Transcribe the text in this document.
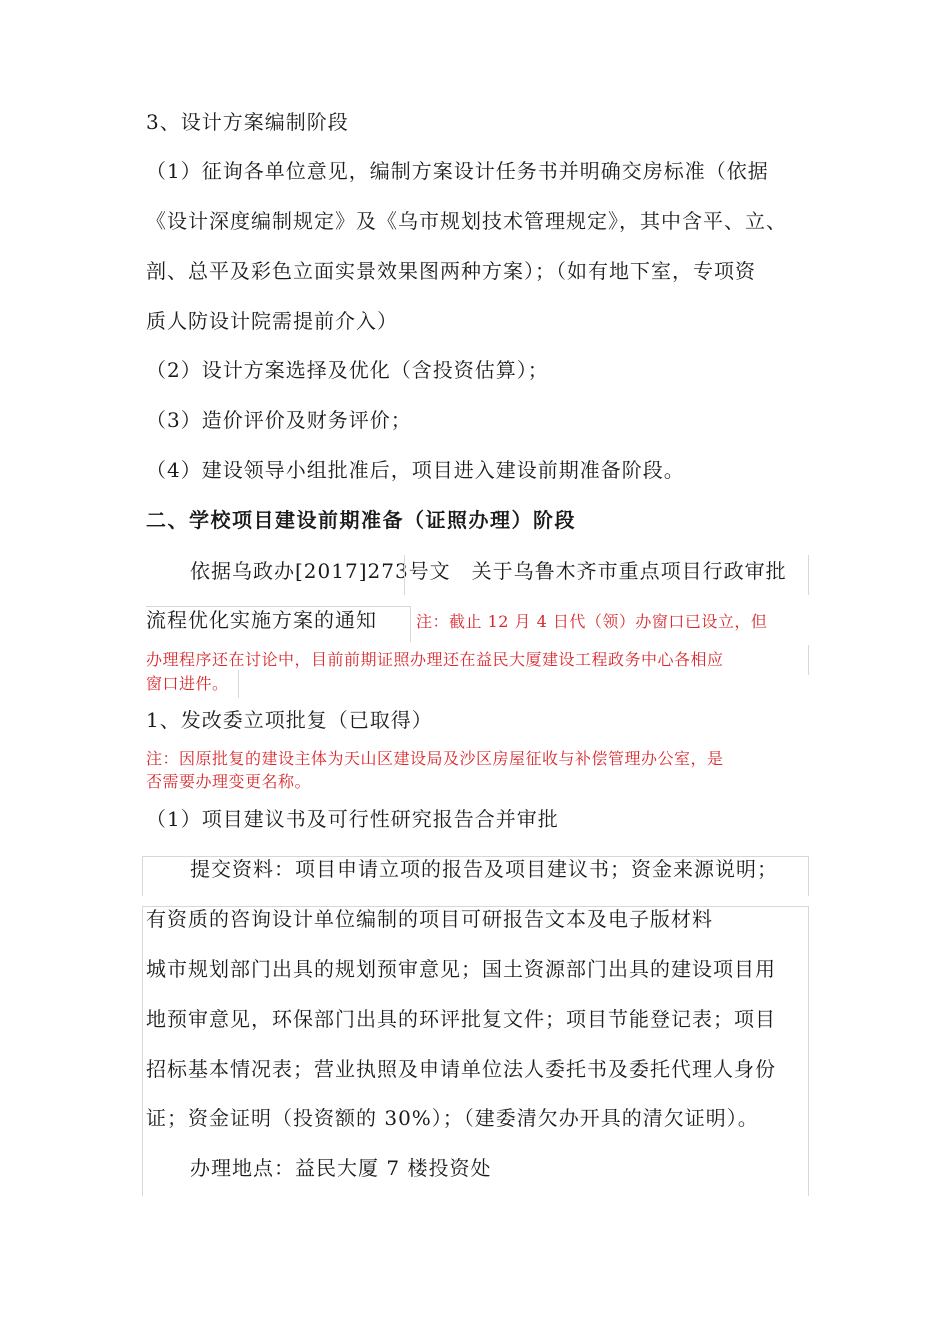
3、设计方案编制阶段
（1）征询各单位意见，编制方案设计任务书并明确交房标准（依据
《设计深度编制规定》及《乌市规划技术管理规定》，其中含平、立、
剖、总平及彩色立面实景效果图两种方案）；（如有地下室，专项资
质人防设计院需提前介入）
（2）设计方案选择及优化（含投资估算）；
（3）造价评价及财务评价；
（4）建设领导小组批准后，项目进入建设前期准备阶段。
二、学校项目建设前期准备（证照办理）阶段
依据乌政办[2017]273号文　关于乌鲁木齐市重点项目行政审批
流程优化实施方案的通知	注：截止 12 月 4 日代（领）办窗口已设立，但
办理程序还在讨论中，目前前期证照办理还在益民大厦建设工程政务中心各相应
窗口进件。
1、发改委立项批复（已取得）
注：因原批复的建设主体为天山区建设局及沙区房屋征收与补偿管理办公室，是
否需要办理变更名称。
（1）项目建议书及可行性研究报告合并审批
提交资料：项目申请立项的报告及项目建议书；资金来源说明；
有资质的咨询设计单位编制的项目可研报告文本及电子版材料
城市规划部门出具的规划预审意见；国土资源部门出具的建设项目用
地预审意见，环保部门出具的环评批复文件；项目节能登记表；项目
招标基本情况表；营业执照及申请单位法人委托书及委托代理人身份
证；资金证明（投资额的 30%）；（建委清欠办开具的清欠证明）。
办理地点：益民大厦 7 楼投资处
